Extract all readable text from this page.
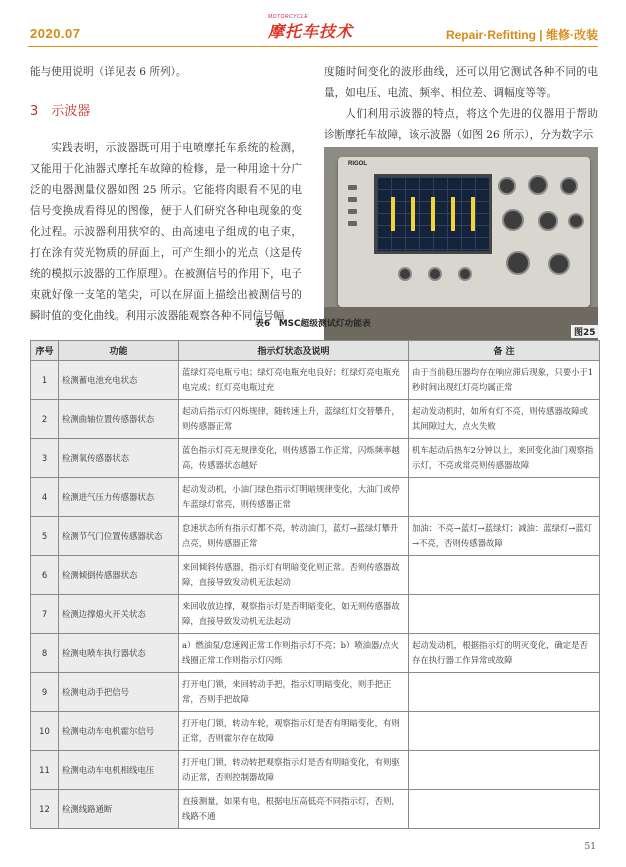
2020.07
MOTORCYCLE
摩托车技术	Repair·Refitting | 维修·改装
能与使用说明（详见表 6 所列）。
3　示波器
实践表明，示波器既可用于电喷摩托车系统的检测，又能用于化油器式摩托车故障的检修，是一种用途十分广泛的电器测量仪器如图 25 所示。它能将肉眼看不见的电信号变换成看得见的图像，便于人们研究各种电现象的变化过程。示波器利用狭窄的、由高速电子组成的电子束，打在涂有荧光物质的屏面上，可产生细小的光点（这是传统的模拟示波器的工作原理）。在被测信号的作用下，电子束就好像一支笔的笔尖，可以在屏面上描绘出被测信号的瞬时值的变化曲线。利用示波器能观察各种不同信号幅
度随时间变化的波形曲线，还可以用它测试各种不同的电量，如电压、电流、频率、相位差、调幅度等等。
人们利用示波器的特点，将这个先进的仪器用于帮助诊断摩托车故障，该示波器（如图 26 所示），分为数字示
RIGOL
图25
表6　MSC超级测试灯功能表
序号	功能	指示灯状态及说明	备 注
1	检测蓄电池充电状态	蓝绿灯亮电瓶亏电；绿灯亮电瓶充电良好；红绿灯亮电瓶充电完成；红灯亮电瓶过充	由于当前稳压器均存在响应滞后现象，只要小于1秒时间出现红灯亮均属正常
2	检测曲轴位置传感器状态	起动后指示灯闪烁规律，随转速上升，蓝绿红灯交替攀升，则传感器正常	起动发动机时，如所有灯不亮，则传感器故障或其间隙过大，点火失败
3	检测氧传感器状态	蓝色指示灯亮无规律变化，则传感器工作正常，闪烁频率越高，传感器状态越好	机车起动后热车2分钟以上，来回变化油门观察指示灯，不亮或常亮则传感器故障
4	检测进气压力传感器状态	起动发动机，小油门绿色指示灯明暗规律变化，大油门或停车蓝绿灯常亮，则传感器正常	
5	检测节气门位置传感器状态	怠速状态所有指示灯都不亮，转动油门，蓝灯→蓝绿灯攀升点亮，则传感器正常	加油：不亮→蓝灯→蓝绿灯；减油：蓝绿灯→蓝灯→不亮，否则传感器故障
6	检测倾倒传感器状态	来回倾斜传感器，指示灯有明暗变化则正常。否则传感器故障，直接导致发动机无法起动	
7	检测边撑熄火开关状态	来回收放边撑，观察指示灯是否明暗变化，如无则传感器故障，直接导致发动机无法起动	
8	检测电喷车执行器状态	a）燃油泵/怠速阀正常工作则指示灯不亮；b）喷油器/点火线圈正常工作则指示灯闪烁	起动发动机，根据指示灯的明灭变化，确定是否存在执行器工作异常或故障
9	检测电动手把信号	打开电门锁，来回转动手把，指示灯明暗变化，则手把正常，否则手把故障	
10	检测电动车电机霍尔信号	打开电门锁，转动车轮，观察指示灯是否有明暗变化，有则正常，否则霍尔存在故障	
11	检测电动车电机相线电压	打开电门锁，转动转把观察指示灯是否有明暗变化，有则驱动正常，否则控制器故障	
12	检测线路通断	直接测量，如果有电，根据电压高低亮不同指示灯，否则，线路不通	
51
